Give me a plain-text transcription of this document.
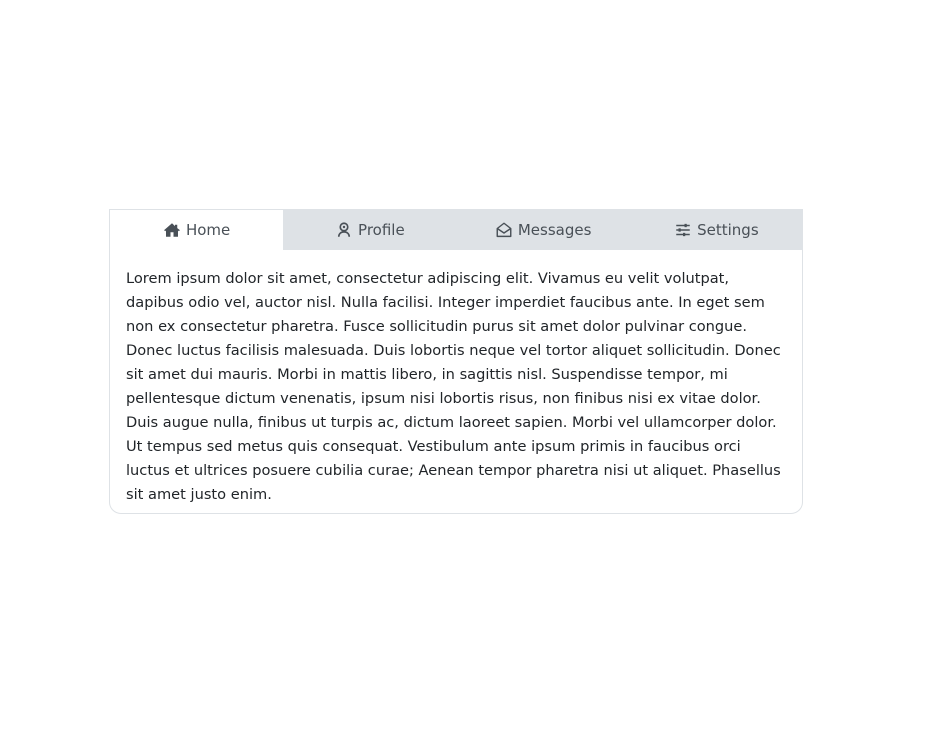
Home	Profile	Messages	Settings
Lorem ipsum dolor sit amet, consectetur adipiscing elit. Vivamus eu velit volutpat, dapibus odio vel, auctor nisl. Nulla facilisi. Integer imperdiet faucibus ante. In eget sem non ex consectetur pharetra. Fusce sollicitudin purus sit amet dolor pulvinar congue. Donec luctus facilisis malesuada. Duis lobortis neque vel tortor aliquet sollicitudin. Donec sit amet dui mauris. Morbi in mattis libero, in sagittis nisl. Suspendisse tempor, mi pellentesque dictum venenatis, ipsum nisi lobortis risus, non finibus nisi ex vitae dolor. Duis augue nulla, finibus ut turpis ac, dictum laoreet sapien. Morbi vel ullamcorper dolor. Ut tempus sed metus quis consequat. Vestibulum ante ipsum primis in faucibus orci luctus et ultrices posuere cubilia curae; Aenean tempor pharetra nisi ut aliquet. Phasellus sit amet justo enim.
